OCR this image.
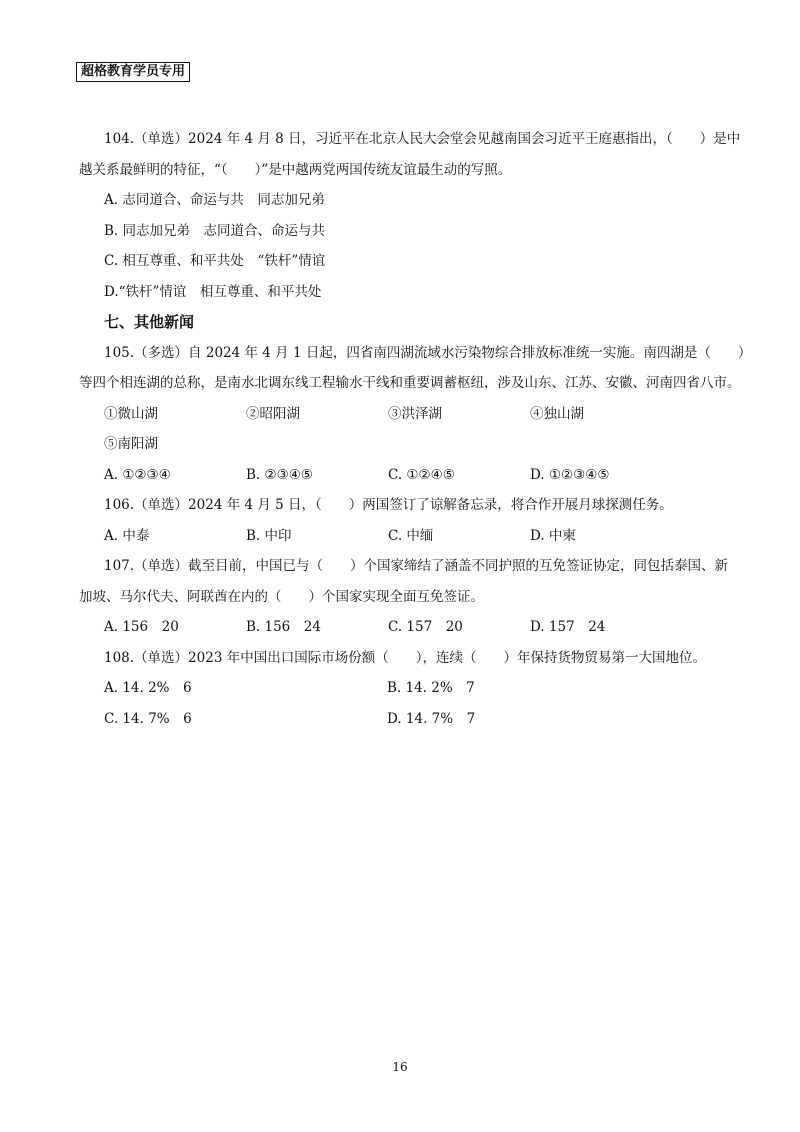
超格教育学员专用
104.（单选）2024 年 4 月 8 日，习近平在北京人民大会堂会见越南国会习近平王庭惠指出，（　　）是中
越关系最鲜明的特征，“（　　）”是中越两党两国传统友谊最生动的写照。
A. 志同道合、命运与共　同志加兄弟
B. 同志加兄弟　志同道合、命运与共
C. 相互尊重、和平共处　“铁杆”情谊
D.“铁杆”情谊　相互尊重、和平共处
七、其他新闻
105.（多选）自 2024 年 4 月 1 日起，四省南四湖流域水污染物综合排放标准统一实施。南四湖是（　　）
等四个相连湖的总称，是南水北调东线工程输水干线和重要调蓄枢纽，涉及山东、江苏、安徽、河南四省八市。
①微山湖	②昭阳湖	③洪泽湖	④独山湖
⑤南阳湖
A. ①②③④	B. ②③④⑤	C. ①②④⑤	D. ①②③④⑤
106.（单选）2024 年 4 月 5 日，（　　）两国签订了谅解备忘录，将合作开展月球探测任务。
A. 中泰	B. 中印	C. 中缅	D. 中柬
107.（单选）截至目前，中国已与（　　）个国家缔结了涵盖不同护照的互免签证协定，同包括泰国、新
加坡、马尔代夫、阿联酋在内的（　　）个国家实现全面互免签证。
A. 156　20	B. 156　24	C. 157　20	D. 157　24
108.（单选）2023 年中国出口国际市场份额（　　），连续（　　）年保持货物贸易第一大国地位。
A. 14. 2%　6	B. 14. 2%　7
C. 14. 7%　6	D. 14. 7%　7
16
